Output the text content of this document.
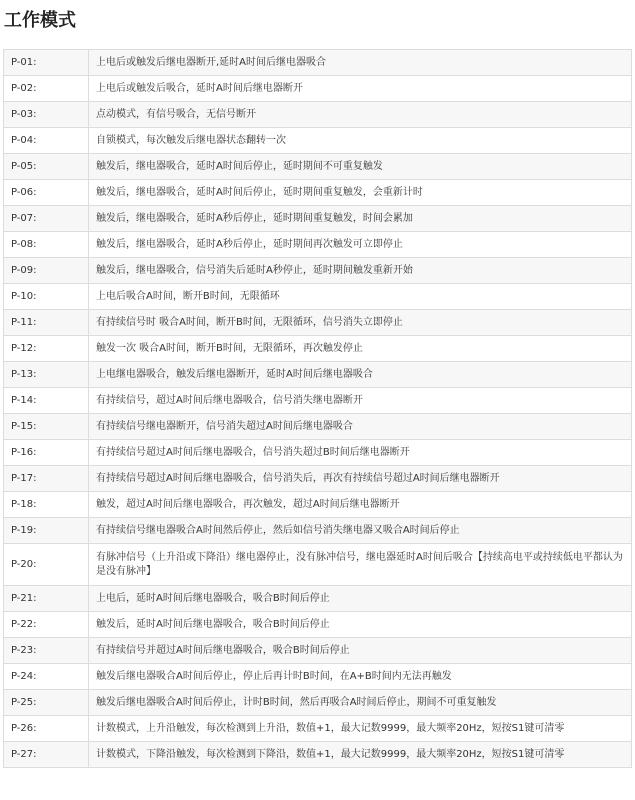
工作模式
P-01:	上电后或触发后继电器断开,延时A时间后继电器吸合
P-02:	上电后或触发后吸合，延时A时间后继电器断开
P-03:	点动模式，有信号吸合，无信号断开
P-04:	自锁模式，每次触发后继电器状态翻转一次
P-05:	触发后，继电器吸合，延时A时间后停止，延时期间不可重复触发
P-06:	触发后，继电器吸合，延时A时间后停止，延时期间重复触发，会重新计时
P-07:	触发后，继电器吸合，延时A秒后停止，延时期间重复触发，时间会累加
P-08:	触发后，继电器吸合，延时A秒后停止，延时期间再次触发可立即停止
P-09:	触发后，继电器吸合，信号消失后延时A秒停止，延时期间触发重新开始
P-10:	上电后吸合A时间，断开B时间，无限循环
P-11:	有持续信号时 吸合A时间，断开B时间，无限循环，信号消失立即停止
P-12:	触发一次 吸合A时间，断开B时间，无限循环，再次触发停止
P-13:	上电继电器吸合，触发后继电器断开，延时A时间后继电器吸合
P-14:	有持续信号，超过A时间后继电器吸合，信号消失继电器断开
P-15:	有持续信号继电器断开，信号消失超过A时间后继电器吸合
P-16:	有持续信号超过A时间后继电器吸合，信号消失超过B时间后继电器断开
P-17:	有持续信号超过A时间后继电器吸合，信号消失后，再次有持续信号超过A时间后继电器断开
P-18:	触发，超过A时间后继电器吸合，再次触发，超过A时间后继电器断开
P-19:	有持续信号继电器吸合A时间然后停止，然后如信号消失继电器又吸合A时间后停止
P-20:	有脉冲信号（上升沿或下降沿）继电器停止，没有脉冲信号，继电器延时A时间后吸合【持续高电平或持续低电平都认为是没有脉冲】
P-21:	上电后，延时A时间后继电器吸合，吸合B时间后停止
P-22:	触发后，延时A时间后继电器吸合，吸合B时间后停止
P-23:	有持续信号并超过A时间后继电器吸合，吸合B时间后停止
P-24:	触发后继电器吸合A时间后停止，停止后再计时B时间，在A+B时间内无法再触发
P-25:	触发后继电器吸合A时间后停止，计时B时间，然后再吸合A时间后停止，期间不可重复触发
P-26:	计数模式，上升沿触发，每次检测到上升沿，数值+1，最大记数9999，最大频率20Hz，短按S1键可清零
P-27:	计数模式，下降沿触发，每次检测到下降沿，数值+1，最大记数9999，最大频率20Hz，短按S1键可清零
